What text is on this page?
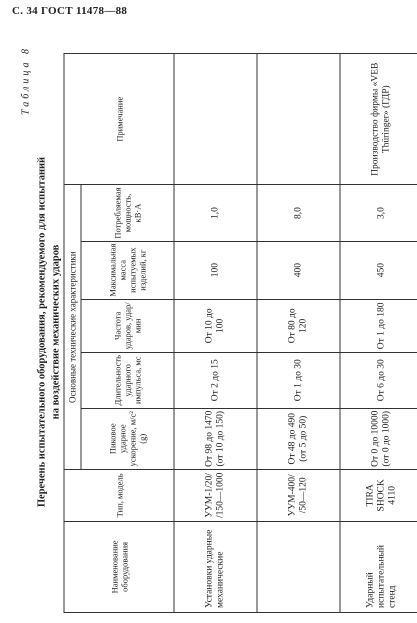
С. 34 ГОСТ 11478—88
Таблица 8
Перечень испытательного оборудования, рекомендуемого для испытаний на воздействие механических ударов
Наименование оборудования	Тип, модель	Основные технические характеристики					Примечание
		Пиковое ударное ускорение, м/с² (g)	Длительность ударного импульса, мс	Частота ударов, удар/мин	Максимальная масса испытуемых изделий, кг	Потребляемая мощность, кВ·А	
Установки ударные механические	УУМ-1/20/ /150—1000	От 98 до 1470 (от 10 до 150)	От 2 до 15	От 10 до 100	100	1,0	
	УУМ-400/ /50—120	От 48 до 490 (от 5 до 50)	От 1 до 30	От 80 до 120	400	8,0	
Ударный испытательный стенд	TIRA SHOCK 4110	От 0 до 10000 (от 0 до 1000)	От 6 до 30	От 1 до 180	450	3,0	Производство фирмы «VEB Thüringer» (ГДР)
